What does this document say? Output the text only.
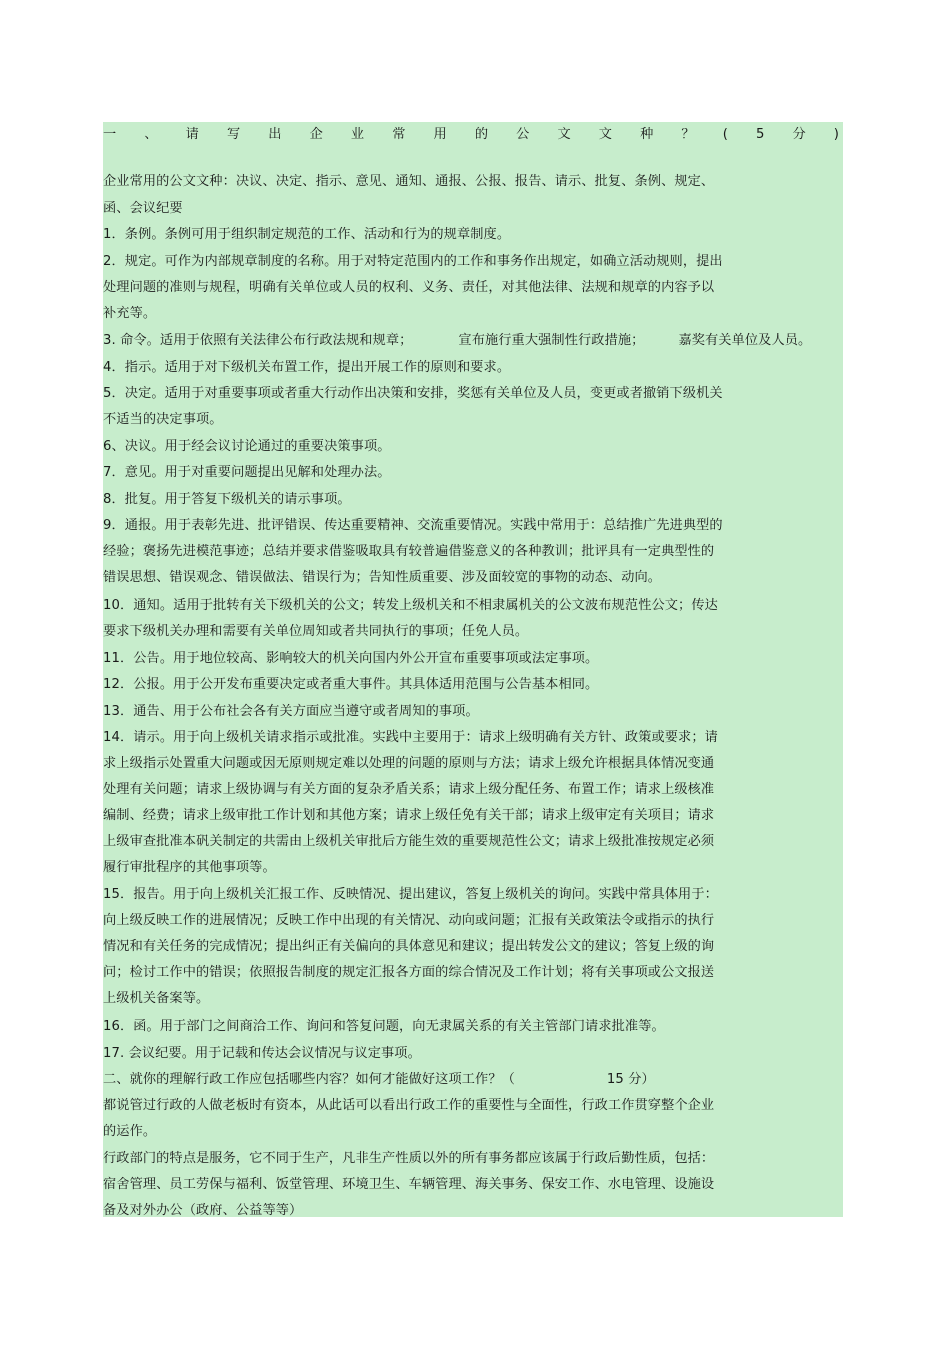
一 、 请 写 出 企 业 常 用 的 公 文 文 种 ？ ( 5 分 )
企业常用的公文文种：决议、决定、指示、意见、通知、通报、公报、报告、请示、批复、条例、规定、
函、会议纪要
1．条例。条例可用于组织制定规范的工作、活动和行为的规章制度。
2．规定。可作为内部规章制度的名称。用于对特定范围内的工作和事务作出规定，如确立活动规则，提出
处理问题的准则与规程，明确有关单位或人员的权利、义务、责任，对其他法律、法规和规章的内容予以
补充等。
3. 命令。适用于依照有关法律公布行政法规和规章；	宣布施行重大强制性行政措施；	嘉奖有关单位及人员。
4．指示。适用于对下级机关布置工作，提出开展工作的原则和要求。
5．决定。适用于对重要事项或者重大行动作出决策和安排，奖惩有关单位及人员，变更或者撤销下级机关
不适当的决定事项。
6、决议。用于经会议讨论通过的重要决策事项。
7．意见。用于对重要问题提出见解和处理办法。
8．批复。用于答复下级机关的请示事项。
9．通报。用于表彰先进、批评错误、传达重要精神、交流重要情况。实践中常用于：总结推广先进典型的
经验；褒扬先进模范事迹；总结并要求借鉴吸取具有较普遍借鉴意义的各种教训；批评具有一定典型性的
错误思想、错误观念、错误做法、错误行为；告知性质重要、涉及面较宽的事物的动态、动向。
10．通知。适用于批转有关下级机关的公文；转发上级机关和不相隶属机关的公文波布规范性公文；传达
要求下级机关办理和需要有关单位周知或者共同执行的事项；任免人员。
11．公告。用于地位较高、影响较大的机关向国内外公开宣布重要事项或法定事项。
12．公报。用于公开发布重要决定或者重大事件。其具体适用范围与公告基本相同。
13．通告、用于公布社会各有关方面应当遵守或者周知的事项。
14．请示。用于向上级机关请求指示或批准。实践中主要用于：请求上级明确有关方针、政策或要求；请
求上级指示处置重大问题或因无原则规定难以处理的问题的原则与方法；请求上级允许根据具体情况变通
处理有关问题；请求上级协调与有关方面的复杂矛盾关系；请求上级分配任务、布置工作；请求上级核准
编制、经费；请求上级审批工作计划和其他方案；请求上级任免有关干部；请求上级审定有关项目；请求
上级审查批准本矾关制定的共需由上级机关审批后方能生效的重要规范性公文；请求上级批准按规定必须
履行审批程序的其他事项等。
15．报告。用于向上级机关汇报工作、反映情况、提出建议，答复上级机关的询问。实践中常具体用于：
向上级反映工作的进展情况；反映工作中出现的有关情况、动向或问题；汇报有关政策法令或指示的执行
情况和有关任务的完成情况；提出纠正有关偏向的具体意见和建议；提出转发公文的建议；答复上级的询
问；检讨工作中的错误；依照报告制度的规定汇报各方面的综合情况及工作计划；将有关事项或公文报送
上级机关备案等。
16．函。用于部门之间商洽工作、询问和答复问题，向无隶属关系的有关主管部门请求批准等。
17. 会议纪要。用于记载和传达会议情况与议定事项。
二、就你的理解行政工作应包括哪些内容？如何才能做好这项工作？（	15 分）
都说管过行政的人做老板时有资本，从此话可以看出行政工作的重要性与全面性，行政工作贯穿整个企业
的运作。
行政部门的特点是服务，它不同于生产，凡非生产性质以外的所有事务都应该属于行政后勤性质，包括：
宿舍管理、员工劳保与福利、饭堂管理、环境卫生、车辆管理、海关事务、保安工作、水电管理、设施设
备及对外办公（政府、公益等等）
